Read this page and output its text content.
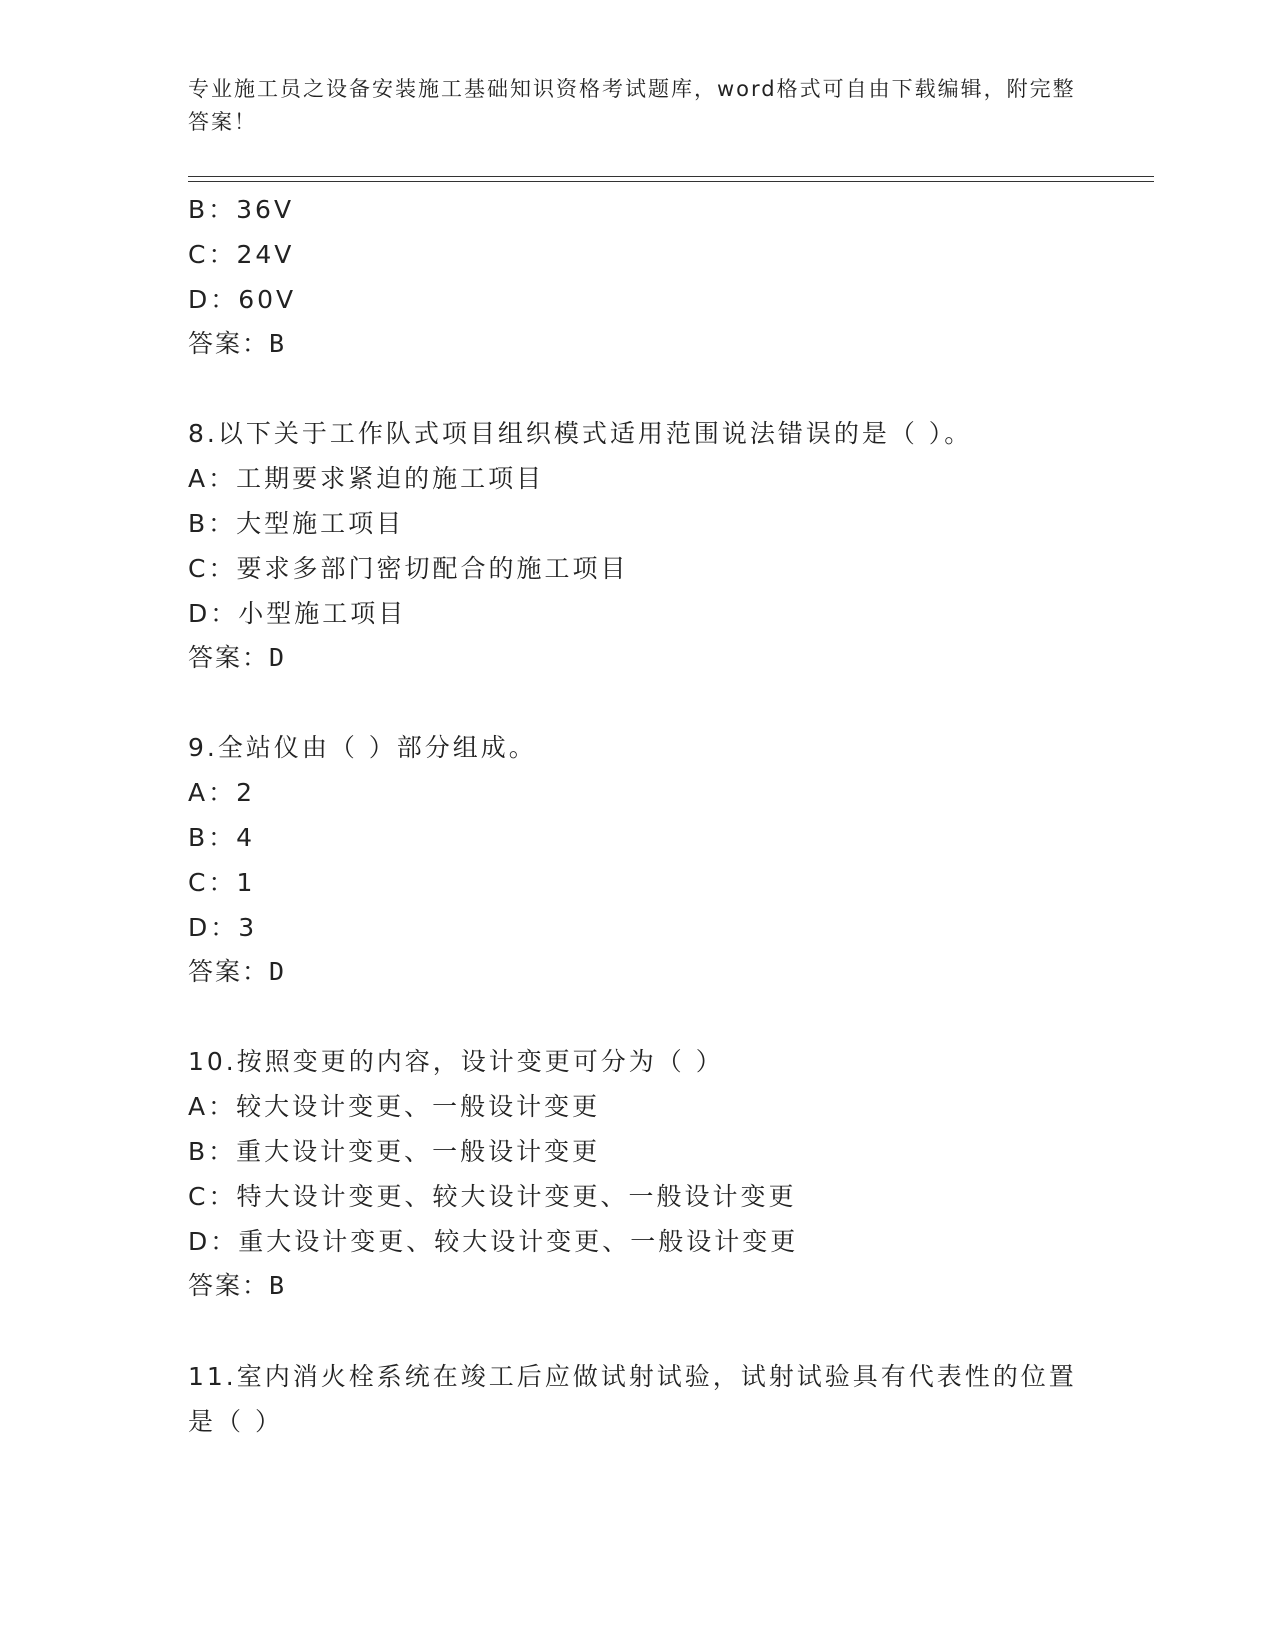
专业施工员之设备安装施工基础知识资格考试题库，word格式可自由下载编辑，附完整答案！
B：36V
C：24V
D：60V
答案：B
8.以下关于工作队式项目组织模式适用范围说法错误的是（ ）。
A：工期要求紧迫的施工项目
B：大型施工项目
C：要求多部门密切配合的施工项目
D：小型施工项目
答案：D
9.全站仪由（ ）部分组成。
A：2
B：4
C：1
D：3
答案：D
10.按照变更的内容，设计变更可分为（ ）
A：较大设计变更、一般设计变更
B：重大设计变更、一般设计变更
C：特大设计变更、较大设计变更、一般设计变更
D：重大设计变更、较大设计变更、一般设计变更
答案：B
11.室内消火栓系统在竣工后应做试射试验，试射试验具有代表性的位置是（ ）
